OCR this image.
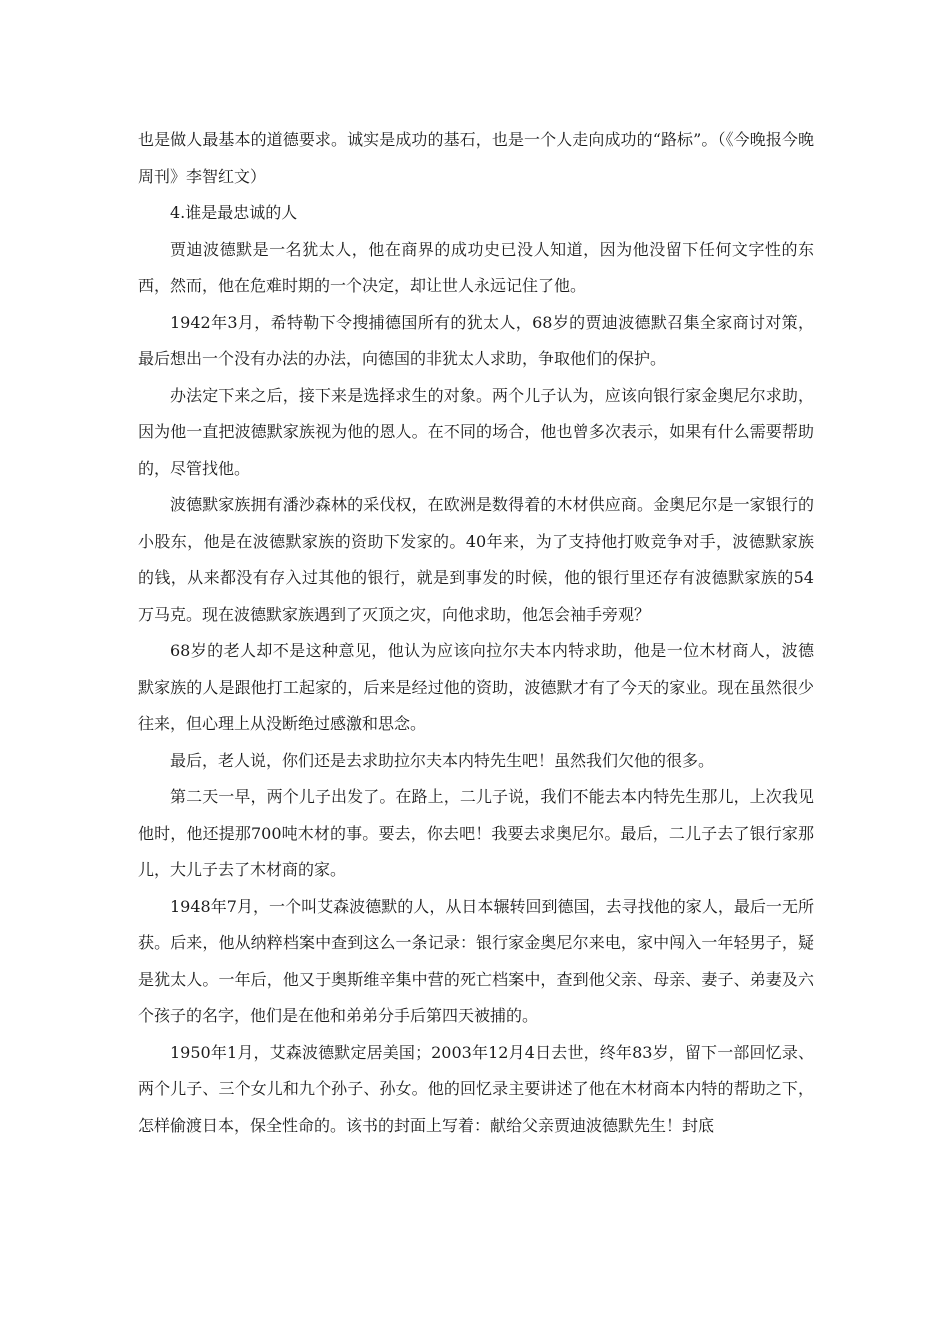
也是做人最基本的道德要求。诚实是成功的基石，也是一个人走向成功的“路标”。（《今晚报今晚周刊》李智红文）

4.谁是最忠诚的人

贾迪波德默是一名犹太人，他在商界的成功史已没人知道，因为他没留下任何文字性的东西，然而，他在危难时期的一个决定，却让世人永远记住了他。

1942年3月，希特勒下令搜捕德国所有的犹太人，68岁的贾迪波德默召集全家商讨对策，最后想出一个没有办法的办法，向德国的非犹太人求助，争取他们的保护。

办法定下来之后，接下来是选择求生的对象。两个儿子认为，应该向银行家金奥尼尔求助，因为他一直把波德默家族视为他的恩人。在不同的场合，他也曾多次表示，如果有什么需要帮助的，尽管找他。

波德默家族拥有潘沙森林的采伐权，在欧洲是数得着的木材供应商。金奥尼尔是一家银行的小股东，他是在波德默家族的资助下发家的。40年来，为了支持他打败竞争对手，波德默家族的钱，从来都没有存入过其他的银行，就是到事发的时候，他的银行里还存有波德默家族的54万马克。现在波德默家族遇到了灭顶之灾，向他求助，他怎会袖手旁观？

68岁的老人却不是这种意见，他认为应该向拉尔夫本内特求助，他是一位木材商人，波德默家族的人是跟他打工起家的，后来是经过他的资助，波德默才有了今天的家业。现在虽然很少往来，但心理上从没断绝过感激和思念。

最后，老人说，你们还是去求助拉尔夫本内特先生吧！虽然我们欠他的很多。

第二天一早，两个儿子出发了。在路上，二儿子说，我们不能去本内特先生那儿，上次我见他时，他还提那700吨木材的事。要去，你去吧！我要去求奥尼尔。最后，二儿子去了银行家那儿，大儿子去了木材商的家。

1948年7月，一个叫艾森波德默的人，从日本辗转回到德国，去寻找他的家人，最后一无所获。后来，他从纳粹档案中查到这么一条记录：银行家金奥尼尔来电，家中闯入一年轻男子，疑是犹太人。一年后，他又于奥斯维辛集中营的死亡档案中，查到他父亲、母亲、妻子、弟妻及六个孩子的名字，他们是在他和弟弟分手后第四天被捕的。

1950年1月，艾森波德默定居美国；2003年12月4日去世，终年83岁，留下一部回忆录、两个儿子、三个女儿和九个孙子、孙女。他的回忆录主要讲述了他在木材商本内特的帮助之下，怎样偷渡日本，保全性命的。该书的封面上写着：献给父亲贾迪波德默先生！封底
